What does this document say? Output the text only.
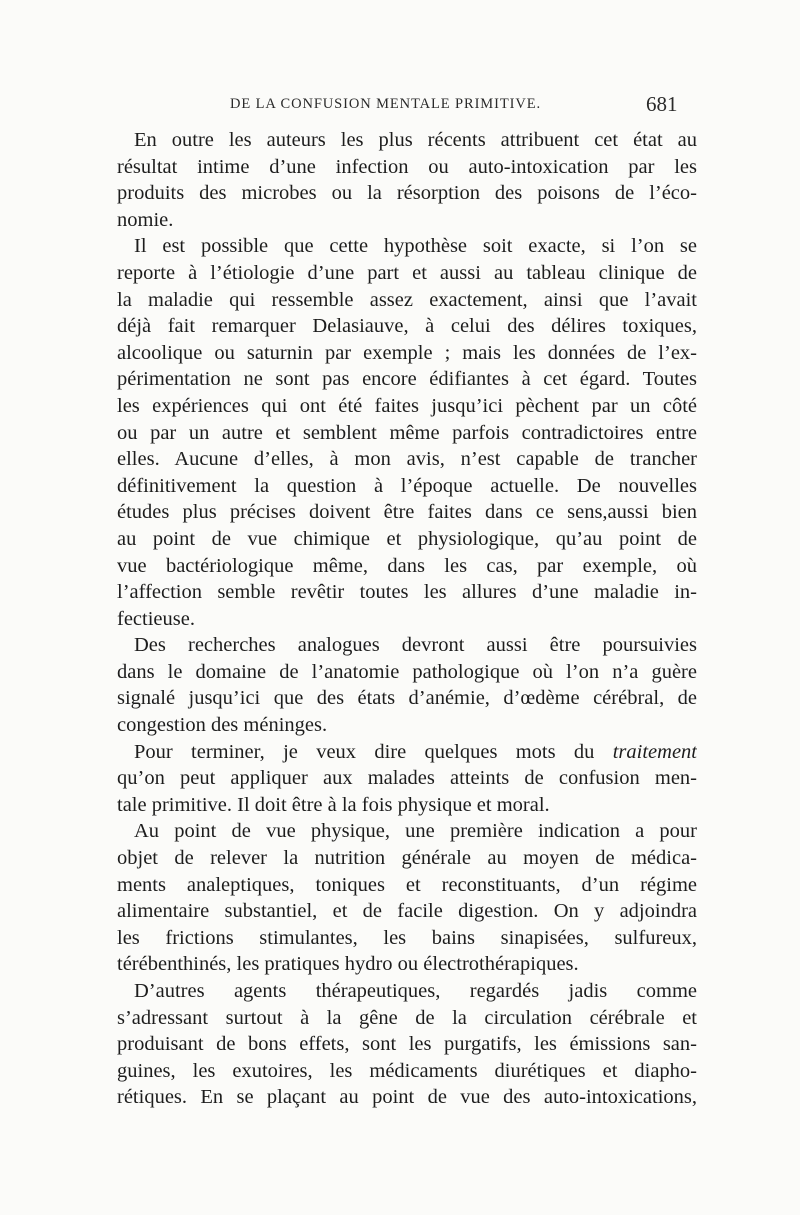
DE LA CONFUSION MENTALE PRIMITIVE.	681
En outre les auteurs les plus récents attribuent cet état au
résultat intime d’une infection ou auto-intoxication par les
produits des microbes ou la résorption des poisons de l’éco-
nomie.
Il est possible que cette hypothèse soit exacte, si l’on se
reporte à l’étiologie d’une part et aussi au tableau clinique de
la maladie qui ressemble assez exactement, ainsi que l’avait
déjà fait remarquer Delasiauve, à celui des délires toxiques,
alcoolique ou saturnin par exemple ; mais les données de l’ex-
périmentation ne sont pas encore édifiantes à cet égard. Toutes
les expériences qui ont été faites jusqu’ici pèchent par un côté
ou par un autre et semblent même parfois contradictoires entre
elles. Aucune d’elles, à mon avis, n’est capable de trancher
définitivement la question à l’époque actuelle. De nouvelles
études plus précises doivent être faites dans ce sens,aussi bien
au point de vue chimique et physiologique, qu’au point de
vue bactériologique même, dans les cas, par exemple, où
l’affection semble revêtir toutes les allures d’une maladie in-
fectieuse.
Des recherches analogues devront aussi être poursuivies
dans le domaine de l’anatomie pathologique où l’on n’a guère
signalé jusqu’ici que des états d’anémie, d’œdème cérébral, de
congestion des méninges.
Pour terminer, je veux dire quelques mots du traitement
qu’on peut appliquer aux malades atteints de confusion men-
tale primitive. Il doit être à la fois physique et moral.
Au point de vue physique, une première indication a pour
objet de relever la nutrition générale au moyen de médica-
ments analeptiques, toniques et reconstituants, d’un régime
alimentaire substantiel, et de facile digestion. On y adjoindra
les frictions stimulantes, les bains sinapisées, sulfureux,
térébenthinés, les pratiques hydro ou électrothérapiques.
D’autres agents thérapeutiques, regardés jadis comme
s’adressant surtout à la gêne de la circulation cérébrale et
produisant de bons effets, sont les purgatifs, les émissions san-
guines, les exutoires, les médicaments diurétiques et diapho-
rétiques. En se plaçant au point de vue des auto-intoxications,
